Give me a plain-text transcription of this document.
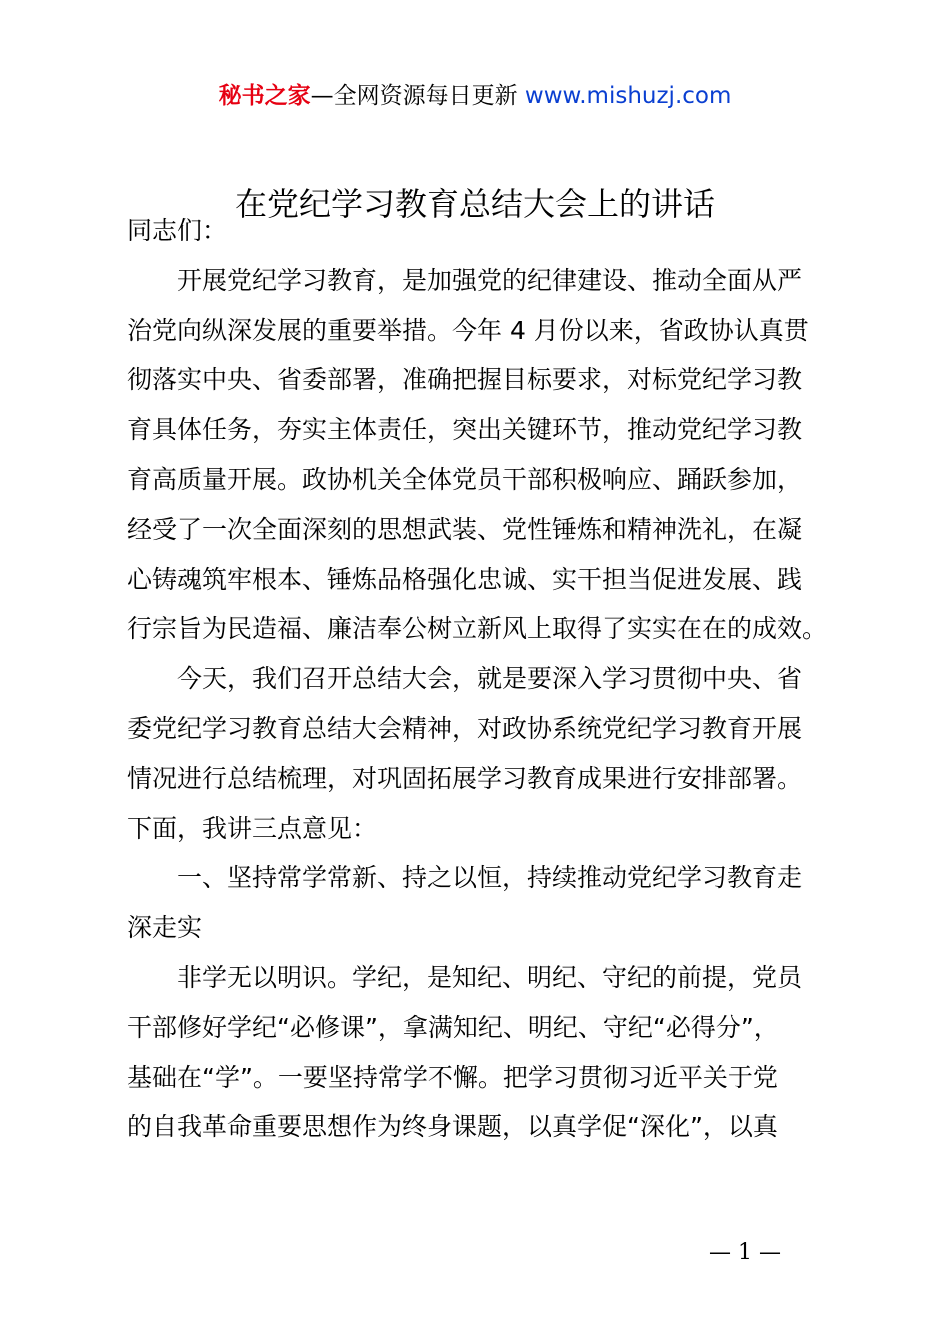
秘书之家—全网资源每日更新 www.mishuzj.com
在党纪学习教育总结大会上的讲话
同志们：
开展党纪学习教育，是加强党的纪律建设、推动全面从严
治党向纵深发展的重要举措。今年 4 月份以来，省政协认真贯
彻落实中央、省委部署，准确把握目标要求，对标党纪学习教
育具体任务，夯实主体责任，突出关键环节，推动党纪学习教
育高质量开展。政协机关全体党员干部积极响应、踊跃参加，
经受了一次全面深刻的思想武装、党性锤炼和精神洗礼，在凝
心铸魂筑牢根本、锤炼品格强化忠诚、实干担当促进发展、践
行宗旨为民造福、廉洁奉公树立新风上取得了实实在在的成效。
今天，我们召开总结大会，就是要深入学习贯彻中央、省
委党纪学习教育总结大会精神，对政协系统党纪学习教育开展
情况进行总结梳理，对巩固拓展学习教育成果进行安排部署。
下面，我讲三点意见：
一、坚持常学常新、持之以恒，持续推动党纪学习教育走
深走实
非学无以明识。学纪，是知纪、明纪、守纪的前提，党员
干部修好学纪“必修课”，拿满知纪、明纪、守纪“必得分”，
基础在“学”。一要坚持常学不懈。把学习贯彻习近平关于党
的自我革命重要思想作为终身课题，以真学促“深化”，以真
— 1 —
